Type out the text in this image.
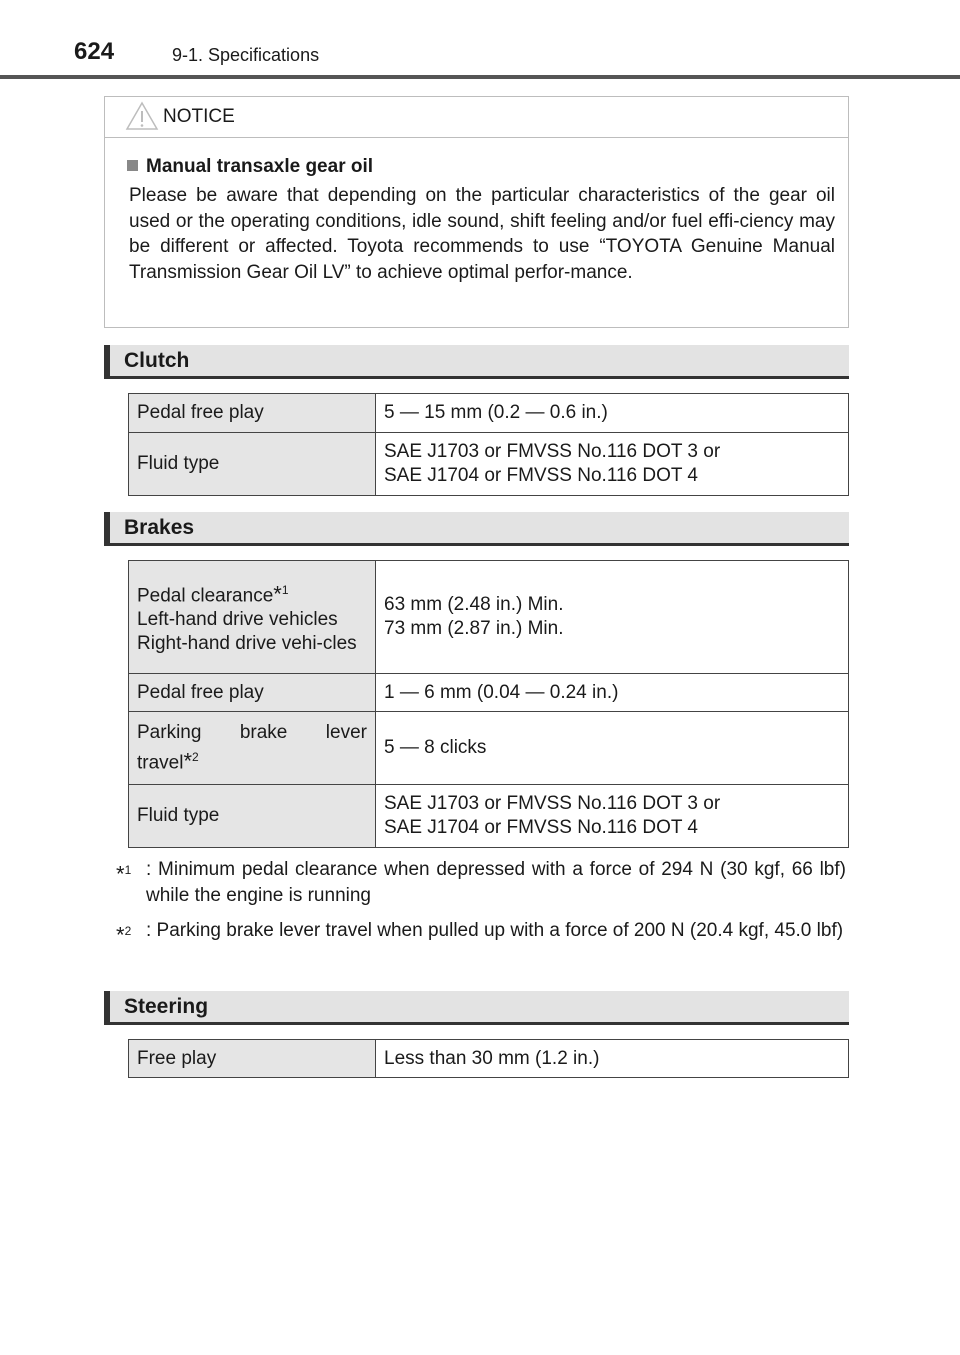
624	9-1. Specifications
NOTICE
Manual transaxle gear oil
Please be aware that depending on the particular characteristics of the gear oil used or the operating conditions, idle sound, shift feeling and/or fuel effi-ciency may be different or affected. Toyota recommends to use “TOYOTA Genuine Manual Transmission Gear Oil LV” to achieve optimal perfor-mance.
Clutch
Pedal free play	5 — 15 mm (0.2 — 0.6 in.)
Fluid type	SAE J1703 or FMVSS No.116 DOT 3 or
SAE J1704 or FMVSS No.116 DOT 4
Brakes
Pedal clearance*$^1$
Left-hand drive vehicles
Right-hand drive vehi-cles	63 mm (2.48 in.) Min.
73 mm (2.87 in.) Min.
Pedal free play	1 — 6 mm (0.04 — 0.24 in.)
Parking brake lever travel*$^2$	5 — 8 clicks
Fluid type	SAE J1703 or FMVSS No.116 DOT 3 or
SAE J1704 or FMVSS No.116 DOT 4
*$^1$ : Minimum pedal clearance when depressed with a force of 294 N (30 kgf, 66 lbf) while the engine is running
*$^2$ : Parking brake lever travel when pulled up with a force of 200 N (20.4 kgf, 45.0 lbf)
Steering
Free play	Less than 30 mm (1.2 in.)
